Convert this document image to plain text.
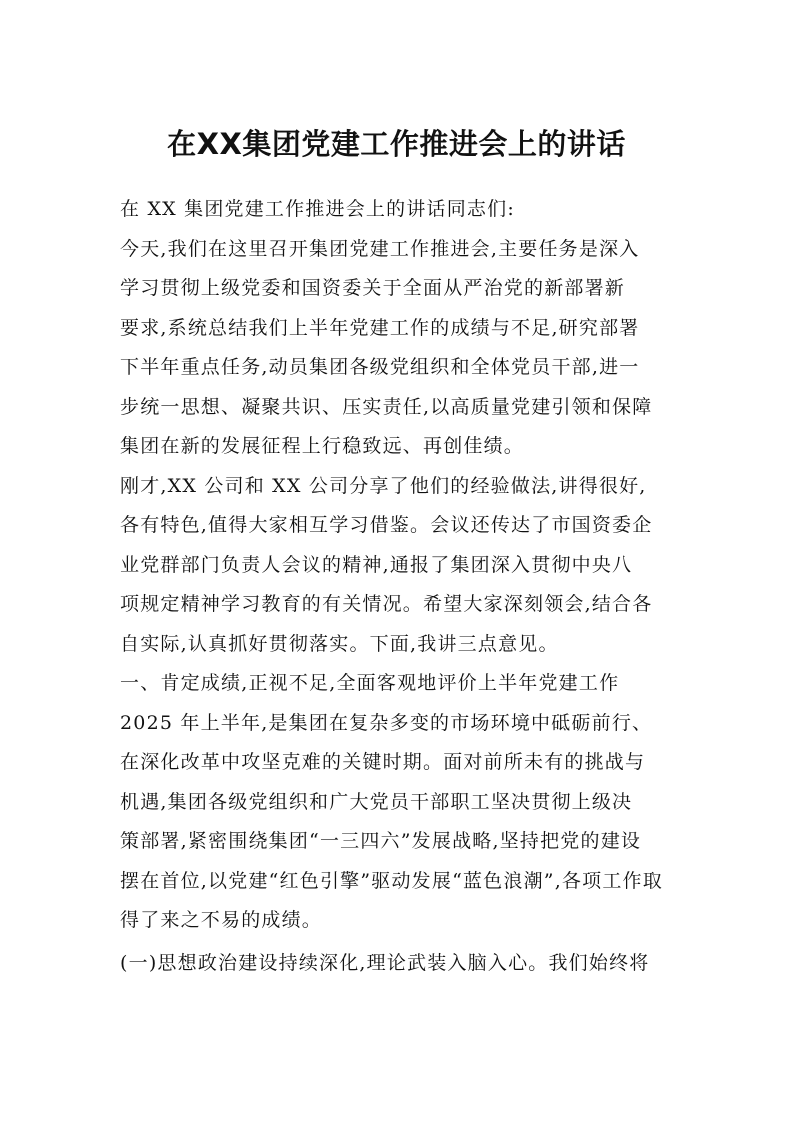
在XX集团党建工作推进会上的讲话
在 XX 集团党建工作推进会上的讲话同志们:
今天,我们在这里召开集团党建工作推进会,主要任务是深入
学习贯彻上级党委和国资委关于全面从严治党的新部署新
要求,系统总结我们上半年党建工作的成绩与不足,研究部署
下半年重点任务,动员集团各级党组织和全体党员干部,进一
步统一思想、凝聚共识、压实责任,以高质量党建引领和保障
集团在新的发展征程上行稳致远、再创佳绩。
刚才,XX 公司和 XX 公司分享了他们的经验做法,讲得很好,
各有特色,值得大家相互学习借鉴。会议还传达了市国资委企
业党群部门负责人会议的精神,通报了集团深入贯彻中央八
项规定精神学习教育的有关情况。希望大家深刻领会,结合各
自实际,认真抓好贯彻落实。下面,我讲三点意见。
一、肯定成绩,正视不足,全面客观地评价上半年党建工作
2025 年上半年,是集团在复杂多变的市场环境中砥砺前行、
在深化改革中攻坚克难的关键时期。面对前所未有的挑战与
机遇,集团各级党组织和广大党员干部职工坚决贯彻上级决
策部署,紧密围绕集团“一三四六”发展战略,坚持把党的建设
摆在首位,以党建“红色引擎”驱动发展“蓝色浪潮”,各项工作取
得了来之不易的成绩。
(一)思想政治建设持续深化,理论武装入脑入心。我们始终将
